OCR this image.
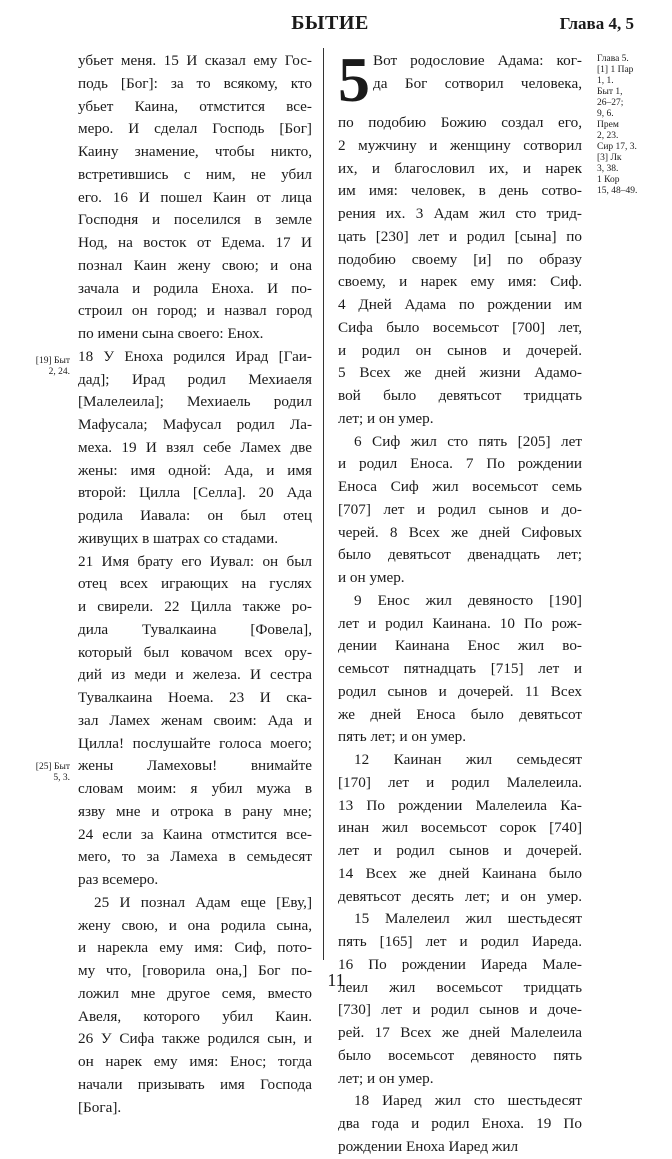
БЫТИЕ	Глава 4, 5
убьет меня. 15 И сказал ему Гос-
подь [Бог]: за то всякому, кто
убьет Каина, отмстится все-
меро. И сделал Господь [Бог]
Каину знамение, чтобы никто,
встретившись с ним, не убил
его. 16 И пошел Каин от лица
Господня и поселился в земле
Нод, на восток от Едема. 17 И
познал Каин жену свою; и она
зачала и родила Еноха. И по-
строил он город; и назвал город
по имени сына своего: Енох.
18 У Еноха родился Ирад [Гаи-
дад]; Ирад родил Мехиаеля
[Малелеила]; Мехиаель родил
Мафусала; Мафусал родил Ла-
меха. 19 И взял себе Ламех две
жены: имя одной: Ада, и имя
второй: Цилла [Селла]. 20 Ада
родила Иавала: он был отец
живущих в шатрах со стадами.
21 Имя брату его Иувал: он был
отец всех играющих на гуслях
и свирели. 22 Цилла также ро-
дила Тувалкаина [Фовела],
который был ковачом всех ору-
дий из меди и железа. И сестра
Тувалкаина Ноема. 23 И ска-
зал Ламех женам своим: Ада и
Цилла! послушайте голоса моего;
жены Ламеховы! внимайте
словам моим: я убил мужа в
язву мне и отрока в рану мне;
24 если за Каина отмстится все-
мero, то за Ламеха в семьдесят
раз всемеро.
25 И познал Адам еще [Еву,]
жену свою, и она родила сына,
и нарекла ему имя: Сиф, пото-
му что, [говорила она,] Бог по-
ложил мне другое семя, вместо
Авеля, которого убил Каин.
26 У Сифа также родился сын, и
он нарек ему имя: Енос; тогда
начали призывать имя Господа
[Бога].
5 Вот родословие Адама: ког-
да Бог сотворил человека,
по подобию Божию создал его,
2 мужчину и женщину сотворил
их, и благословил их, и нарек
им имя: человек, в день сотво-
рения их. 3 Адам жил сто трид-
цать [230] лет и родил [сына] по
подобию своему [и] по образу
своему, и нарек ему имя: Сиф.
4 Дней Адама по рождении им
Сифа было восемьсот [700] лет,
и родил он сынов и дочерей.
5 Всех же дней жизни Адамо-
вой было девятьсот тридцать
лет; и он умер.
6 Сиф жил сто пять [205] лет
и родил Еноса. 7 По рождении
Еноса Сиф жил восемьсот семь
[707] лет и родил сынов и до-
черей. 8 Всех же дней Сифовых
было девятьсот двенадцать лет;
и он умер.
9 Енос жил девяносто [190]
лет и родил Каинана. 10 По рож-
дении Каинана Енос жил во-
семьсот пятнадцать [715] лет и
родил сынов и дочерей. 11 Всех
же дней Еноса было девятьсот
пять лет; и он умер.
12 Каинан жил семьдесят
[170] лет и родил Малелеила.
13 По рождении Малелеила Ка-
инан жил восемьсот сорок [740]
лет и родил сынов и дочерей.
14 Всех же дней Каинана было
девятьсот десять лет; и он умер.
15 Малелеил жил шестьдесят
пять [165] лет и родил Иареда.
16 По рождении Иареда Мале-
леил жил восемьсот тридцать
[730] лет и родил сынов и доче-
рей. 17 Всех же дней Малелеила
было восемьсот девяносто пять
лет; и он умер.
18 Иаред жил сто шестьдесят
два года и родил Еноха. 19 По
рождении Еноха Иаред жил
[19] Быт
2, 24.
[25] Быт
5, 3.
Глава 5.
[1] 1 Пар
1, 1.
Быт 1,
26–27;
9, 6.
Прем
2, 23.
Сир 17, 3.
[3] Лк
3, 38.
1 Кор
15, 48–49.
11
